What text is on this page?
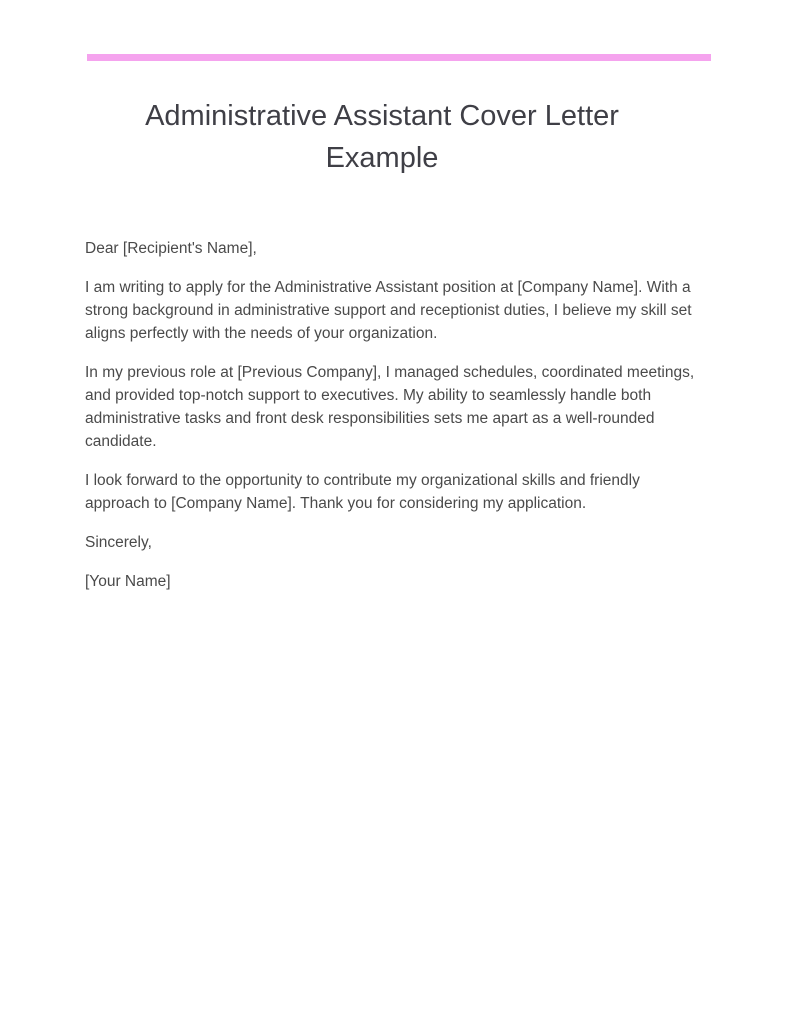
Administrative Assistant Cover Letter Example

Dear [Recipient's Name],

I am writing to apply for the Administrative Assistant position at [Company Name]. With a strong background in administrative support and receptionist duties, I believe my skill set aligns perfectly with the needs of your organization.

In my previous role at [Previous Company], I managed schedules, coordinated meetings, and provided top-notch support to executives. My ability to seamlessly handle both administrative tasks and front desk responsibilities sets me apart as a well-rounded candidate.

I look forward to the opportunity to contribute my organizational skills and friendly approach to [Company Name]. Thank you for considering my application.

Sincerely,

[Your Name]
